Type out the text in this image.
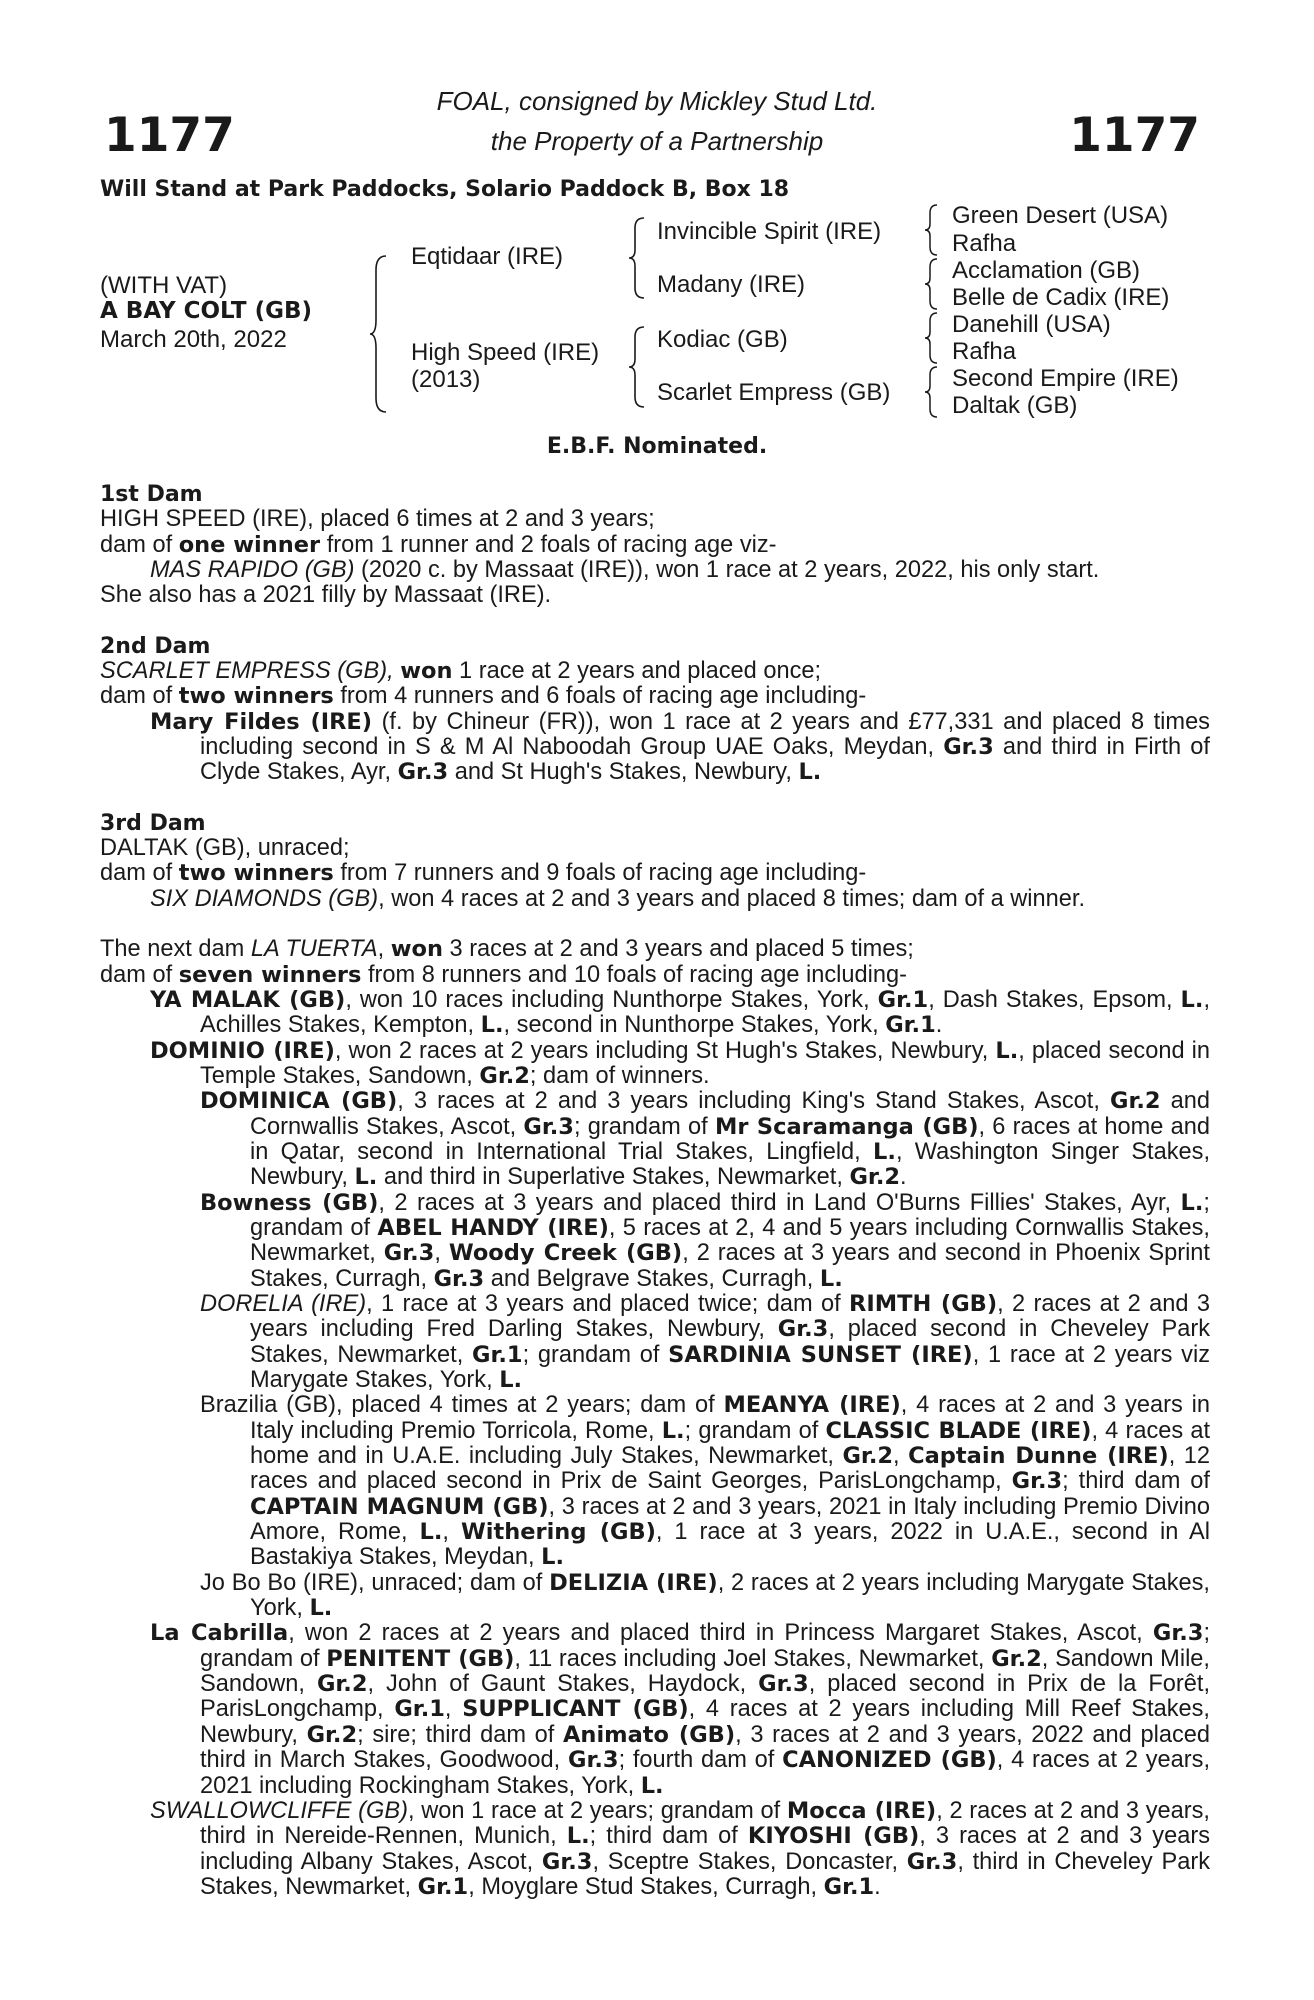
1177	1177
FOAL, consigned by Mickley Stud Ltd.
the Property of a Partnership
Will Stand at Park Paddocks, Solario Paddock B, Box 18
(WITH VAT)
A BAY COLT (GB)
March 20th, 2022
Eqtidaar (IRE)
High Speed (IRE)
(2013)
Invincible Spirit (IRE)
Madany (IRE)
Kodiac (GB)
Scarlet Empress (GB)
Green Desert (USA)
Rafha
Acclamation (GB)
Belle de Cadix (IRE)
Danehill (USA)
Rafha
Second Empire (IRE)
Daltak (GB)
E.B.F. Nominated.
1st Dam
HIGH SPEED (IRE), placed 6 times at 2 and 3 years;
dam of one winner from 1 runner and 2 foals of racing age viz-
MAS RAPIDO (GB) (2020 c. by Massaat (IRE)), won 1 race at 2 years, 2022, his only start.
She also has a 2021 filly by Massaat (IRE).
2nd Dam
SCARLET EMPRESS (GB), won 1 race at 2 years and placed once;
dam of two winners from 4 runners and 6 foals of racing age including-
Mary Fildes (IRE) (f. by Chineur (FR)), won 1 race at 2 years and £77,331 and placed 8 times including second in S & M Al Naboodah Group UAE Oaks, Meydan, Gr.3 and third in Firth of Clyde Stakes, Ayr, Gr.3 and St Hugh's Stakes, Newbury, L.
3rd Dam
DALTAK (GB), unraced;
dam of two winners from 7 runners and 9 foals of racing age including-
SIX DIAMONDS (GB), won 4 races at 2 and 3 years and placed 8 times; dam of a winner.
The next dam LA TUERTA, won 3 races at 2 and 3 years and placed 5 times;
dam of seven winners from 8 runners and 10 foals of racing age including-
YA MALAK (GB), won 10 races including Nunthorpe Stakes, York, Gr.1, Dash Stakes, Epsom, L., Achilles Stakes, Kempton, L., second in Nunthorpe Stakes, York, Gr.1.
DOMINIO (IRE), won 2 races at 2 years including St Hugh's Stakes, Newbury, L., placed second in Temple Stakes, Sandown, Gr.2; dam of winners.
DOMINICA (GB), 3 races at 2 and 3 years including King's Stand Stakes, Ascot, Gr.2 and Cornwallis Stakes, Ascot, Gr.3; grandam of Mr Scaramanga (GB), 6 races at home and in Qatar, second in International Trial Stakes, Lingfield, L., Washington Singer Stakes, Newbury, L. and third in Superlative Stakes, Newmarket, Gr.2.
Bowness (GB), 2 races at 3 years and placed third in Land O'Burns Fillies' Stakes, Ayr, L.; grandam of ABEL HANDY (IRE), 5 races at 2, 4 and 5 years including Cornwallis Stakes, Newmarket, Gr.3, Woody Creek (GB), 2 races at 3 years and second in Phoenix Sprint Stakes, Curragh, Gr.3 and Belgrave Stakes, Curragh, L.
DORELIA (IRE), 1 race at 3 years and placed twice; dam of RIMTH (GB), 2 races at 2 and 3 years including Fred Darling Stakes, Newbury, Gr.3, placed second in Cheveley Park Stakes, Newmarket, Gr.1; grandam of SARDINIA SUNSET (IRE), 1 race at 2 years viz Marygate Stakes, York, L.
Brazilia (GB), placed 4 times at 2 years; dam of MEANYA (IRE), 4 races at 2 and 3 years in Italy including Premio Torricola, Rome, L.; grandam of CLASSIC BLADE (IRE), 4 races at home and in U.A.E. including July Stakes, Newmarket, Gr.2, Captain Dunne (IRE), 12 races and placed second in Prix de Saint Georges, ParisLongchamp, Gr.3; third dam of CAPTAIN MAGNUM (GB), 3 races at 2 and 3 years, 2021 in Italy including Premio Divino Amore, Rome, L., Withering (GB), 1 race at 3 years, 2022 in U.A.E., second in Al Bastakiya Stakes, Meydan, L.
Jo Bo Bo (IRE), unraced; dam of DELIZIA (IRE), 2 races at 2 years including Marygate Stakes, York, L.
La Cabrilla, won 2 races at 2 years and placed third in Princess Margaret Stakes, Ascot, Gr.3; grandam of PENITENT (GB), 11 races including Joel Stakes, Newmarket, Gr.2, Sandown Mile, Sandown, Gr.2, John of Gaunt Stakes, Haydock, Gr.3, placed second in Prix de la Forêt, ParisLongchamp, Gr.1, SUPPLICANT (GB), 4 races at 2 years including Mill Reef Stakes, Newbury, Gr.2; sire; third dam of Animato (GB), 3 races at 2 and 3 years, 2022 and placed third in March Stakes, Goodwood, Gr.3; fourth dam of CANONIZED (GB), 4 races at 2 years, 2021 including Rockingham Stakes, York, L.
SWALLOWCLIFFE (GB), won 1 race at 2 years; grandam of Mocca (IRE), 2 races at 2 and 3 years, third in Nereide-Rennen, Munich, L.; third dam of KIYOSHI (GB), 3 races at 2 and 3 years including Albany Stakes, Ascot, Gr.3, Sceptre Stakes, Doncaster, Gr.3, third in Cheveley Park Stakes, Newmarket, Gr.1, Moyglare Stud Stakes, Curragh, Gr.1.
